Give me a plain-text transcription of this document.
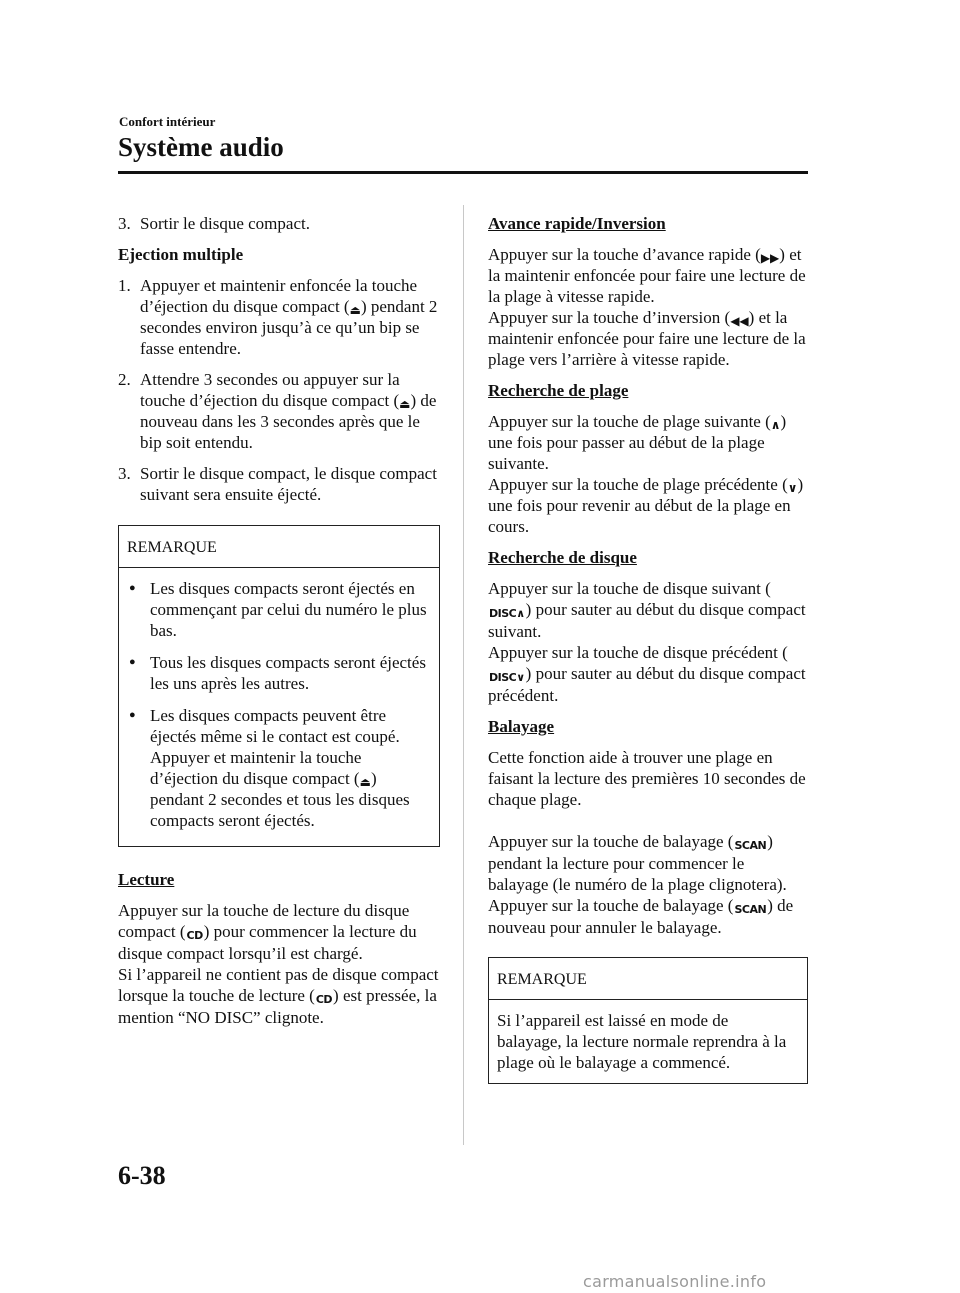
Confort intérieur
Système audio
3. Sortir le disque compact.
Ejection multiple
1. Appuyer et maintenir enfoncée la touche d’éjection du disque compact (⏏) pendant 2 secondes environ jusqu’à ce qu’un bip se fasse entendre.
2. Attendre 3 secondes ou appuyer sur la touche d’éjection du disque compact (⏏) de nouveau dans les 3 secondes après que le bip soit entendu.
3. Sortir le disque compact, le disque compact suivant sera ensuite éjecté.
REMARQUE
● Les disques compacts seront éjectés en commençant par celui du numéro le plus bas.
● Tous les disques compacts seront éjectés les uns après les autres.
● Les disques compacts peuvent être éjectés même si le contact est coupé. Appuyer et maintenir la touche d’éjection du disque compact (⏏) pendant 2 secondes et tous les disques compacts seront éjectés.
Lecture

Appuyer sur la touche de lecture du disque compact (CD) pour commencer la lecture du disque compact lorsqu’il est chargé.

Si l’appareil ne contient pas de disque compact lorsque la touche de lecture (CD) est pressée, la mention “NO DISC” clignote.

Avance rapide/Inversion

Appuyer sur la touche d’avance rapide (▶▶) et la maintenir enfoncée pour faire une lecture de la plage à vitesse rapide.

Appuyer sur la touche d’inversion (◀◀) et la maintenir enfoncée pour faire une lecture de la plage vers l’arrière à vitesse rapide.

Recherche de plage

Appuyer sur la touche de plage suivante (∧) une fois pour passer au début de la plage suivante.

Appuyer sur la touche de plage précédente (∨) une fois pour revenir au début de la plage en cours.

Recherche de disque

Appuyer sur la touche de disque suivant (DISC∧) pour sauter au début du disque compact suivant.

Appuyer sur la touche de disque précédent (DISC∨) pour sauter au début du disque compact précédent.

Balayage

Cette fonction aide à trouver une plage en faisant la lecture des premières 10 secondes de chaque plage.

Appuyer sur la touche de balayage (SCAN) pendant la lecture pour commencer le balayage (le numéro de la plage clignotera).

Appuyer sur la touche de balayage (SCAN) de nouveau pour annuler le balayage.

REMARQUE
Si l’appareil est laissé en mode de balayage, la lecture normale reprendra à la plage où le balayage a commencé.
6-38
carmanualsonline.info
